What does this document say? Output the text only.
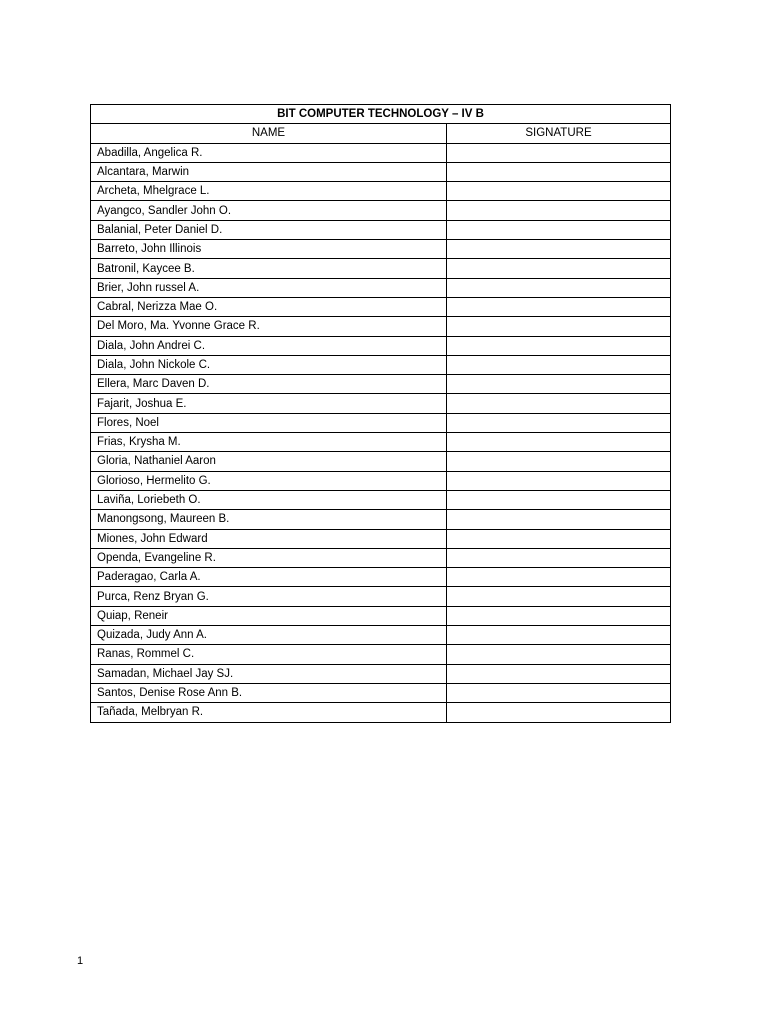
BIT COMPUTER TECHNOLOGY – IV B	
NAME	SIGNATURE
Abadilla, Angelica R.	
Alcantara, Marwin	
Archeta, Mhelgrace L.	
Ayangco, Sandler John O.	
Balanial, Peter Daniel D.	
Barreto, John Illinois	
Batronil, Kaycee B.	
Brier, John russel A.	
Cabral, Nerizza Mae O.	
Del Moro, Ma. Yvonne Grace R.	
Diala, John Andrei C.	
Diala, John Nickole C.	
Ellera, Marc Daven D.	
Fajarit, Joshua E.	
Flores, Noel	
Frias, Krysha M.	
Gloria, Nathaniel Aaron	
Glorioso, Hermelito G.	
Laviña, Loriebeth O.	
Manongsong, Maureen B.	
Miones, John Edward	
Openda, Evangeline R.	
Paderagao, Carla A.	
Purca, Renz Bryan G.	
Quiap, Reneir	
Quizada, Judy Ann A.	
Ranas, Rommel C.	
Samadan, Michael Jay SJ.	
Santos, Denise Rose Ann B.	
Tañada, Melbryan R.	
1
